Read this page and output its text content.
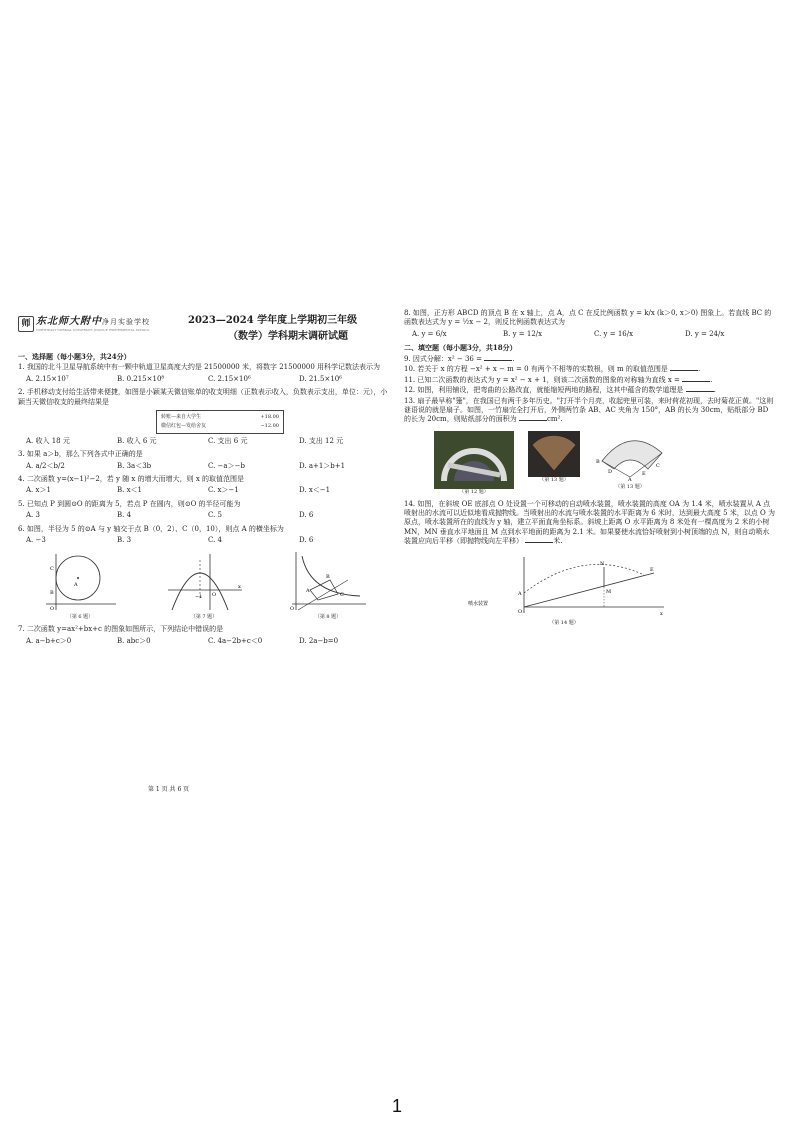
师 东北师大附中净月实验学校
NORTHEAST NORMAL UNIVERSITY JINGYUE EXPERIMENTAL SCHOOL
2023—2024 学年度上学期初三年级
（数学）学科期末调研试题
一、选择题（每小题3分，共24分）
1. 我国的北斗卫星导航系统中有一颗中轨道卫星高度大约是 21500000 米，将数字 21500000 用科学记数法表示为
A. 2.15×10⁷	B. 0.215×10⁸	C. 2.15×10⁶	D. 21.5×10⁶
2. 手机移动支付给生活带来便捷，如图是小颖某天微信账单的收支明细（正数表示收入，负数表示支出，单位：元），小颖当天微信收支的最终结果是
转账—来自大学生	+18.00
微信红包—发给舍友	−12.00
A. 收入 18 元	B. 收入 6 元	C. 支出 6 元	D. 支出 12 元
3. 如果 a＞b，那么下列各式中正确的是
A. a/2＜b/2	B. 3a＜3b	C. −a＞−b	D. a+1＞b+1
4. 二次函数 y=(x−1)²−2，若 y 随 x 的增大而增大，则 x 的取值范围是
A. x＞1	B. x＜1	C. x＞−1	D. x＜−1
5. 已知点 P 到圆⊙O 的距离为 5，若点 P 在圆内，则⊙O 的半径可能为
A. 3	B. 4	C. 5	D. 6
6. 如图，半径为 5 的⊙A 与 y 轴交于点 B（0，2）、C（0，10），则点 A 的横坐标为
A. −3	B. 3	C. 4	D. 6
A
C
B
O
（第 6 题）
−1 O
x
（第 7 题）
B
A
C
O
（第 8 题）
7. 二次函数 y=ax²+bx+c 的图象如图所示，下列结论中错误的是
A. a−b+c＞0	B. abc＞0	C. 4a−2b+c＜0	D. 2a−b=0
第 1 页 共 6 页
8. 如图，正方形 ABCD 的顶点 B 在 x 轴上，点 A，点 C 在反比例函数 y = k/x (k＞0, x＞0) 图象上。若直线 BC 的函数表达式为 y = ½x − 2，则反比例函数表达式为
A. y = 6/x	B. y = 12/x	C. y = 16/x	D. y = 24/x
二、填空题（每小题3分，共18分）
9. 因式分解：x² − 36 =	.
10. 若关于 x 的方程 −x² + x − m = 0 有两个不相等的实数根，则 m 的取值范围是	.
11. 已知二次函数的表达式为 y = x² − x + 1，则该二次函数的图象的对称轴为直线 x =	.
12. 如图，利用铺设，把弯曲的公路改直，就能缩短两地的路程，这其中蕴含的数学道理是	.
13. 扇子最早称"箑"，在我国已有两千多年历史。"打开半个月亮，收起兜里可装，来时荷花初现，去时菊花正黄。"这则谜语说的就是扇子。如图，一竹扇完全打开后，外侧两竹条 AB、AC 夹角为 150°，AB 的长为 30cm，贴纸部分 BD 的长为 20cm，则贴纸部分的面积为	cm².
（第 12 题）
（第 13 题）
B
D
A
E
C
（第 13 题）
14. 如图，在斜坡 OE 底部点 O 处设置一个可移动的自动喷水装置，喷水装置的高度 OA 为 1.4 米，喷水装置从 A 点喷射出的水流可以近似地看成抛物线。当喷射出的水流与喷水装置的水平距离为 6 米时，达到最大高度 5 米，以点 O 为原点，喷水装置所在的直线为 y 轴，建立平面直角坐标系。斜坡上距离 O 水平距离为 8 米处有一棵高度为 2 米的小树 MN，MN 垂直水平地面且 M 点到水平地面的距离为 2.1 米。如果要使水流恰好喷射到小树顶端的点 N，则自动喷水装置应向后平移（即抛物线向左平移）	米.
N
M
A
O
E
x
喷水装置
（第 14 题）
1
